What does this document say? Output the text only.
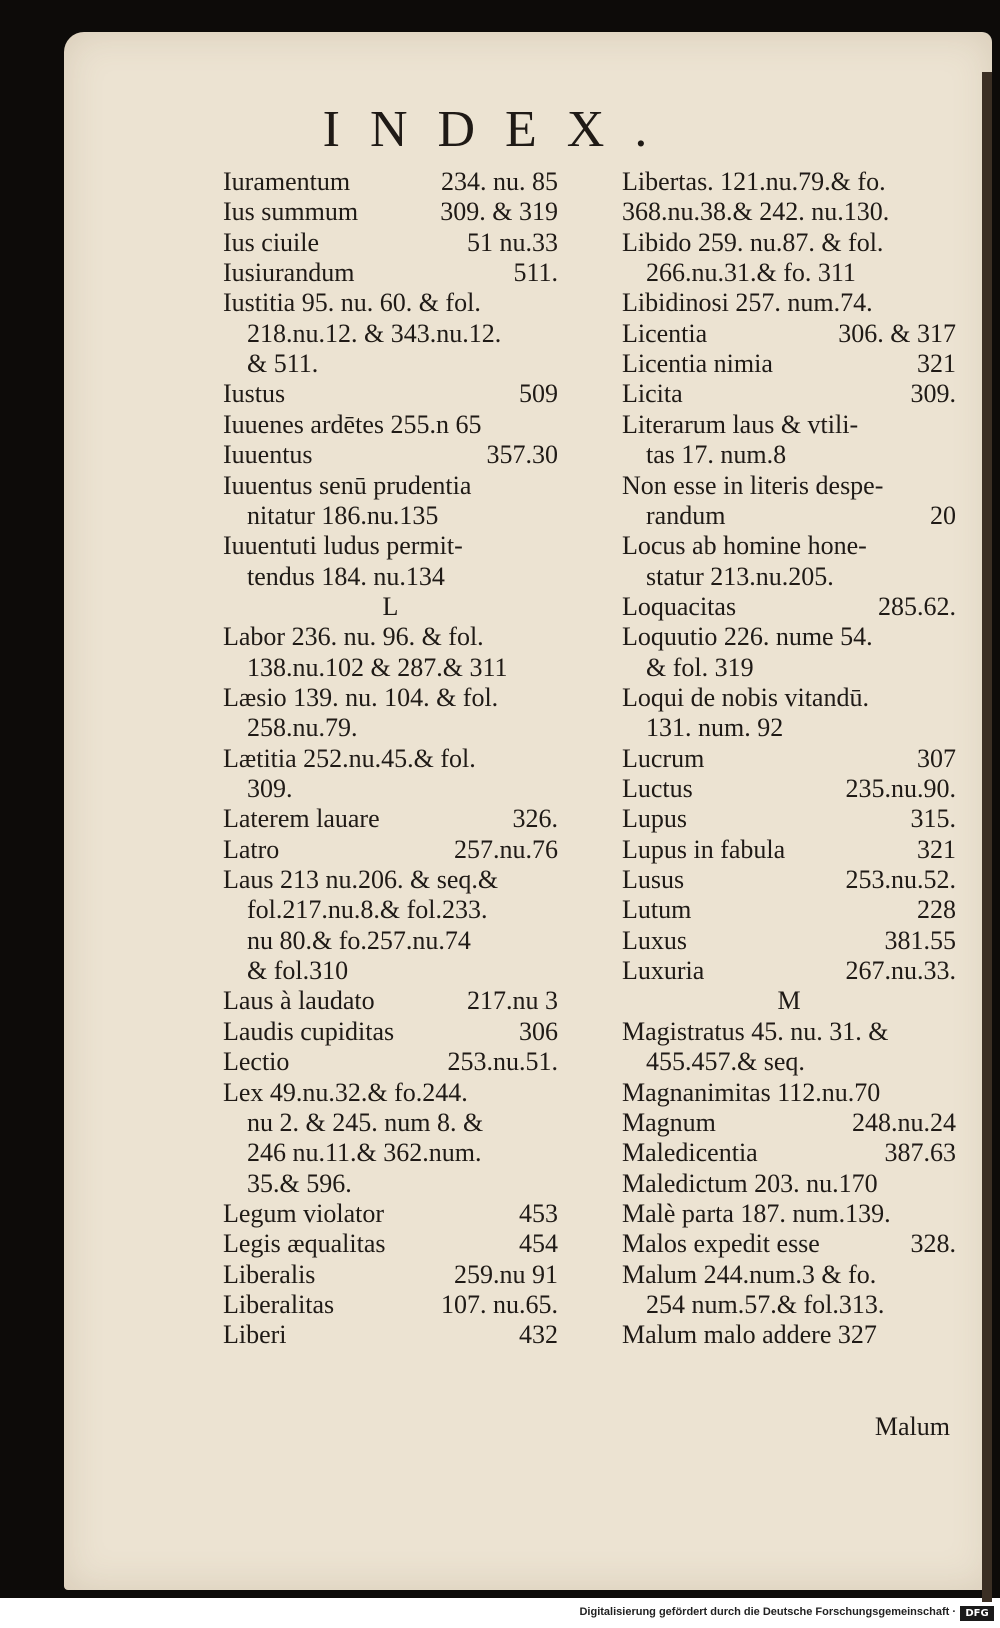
INDEX.
Iuramentum	234. nu. 85
Ius summum	309. & 319
Ius ciuile	51 nu.33
Iusiurandum	511.
Iustitia 95. nu. 60. & fol.
218.nu.12. & 343.nu.12.
& 511.
Iustus	509
Iuuenes ardētes 255.n 65
Iuuentus	357.30
Iuuentus senū prudentia
nitatur 186.nu.135
Iuuentuti ludus permit-
tendus 184. nu.134
L
Labor 236. nu. 96. & fol.
138.nu.102 & 287.& 311
Læsio 139. nu. 104. & fol.
258.nu.79.
Lætitia 252.nu.45.& fol.
309.
Laterem lauare	326.
Latro	257.nu.76
Laus 213 nu.206. & seq.&
fol.217.nu.8.& fol.233.
nu 80.& fo.257.nu.74
& fol.310
Laus à laudato	217.nu 3
Laudis cupiditas	306
Lectio	253.nu.51.
Lex 49.nu.32.& fo.244.
nu 2. & 245. num 8. &
246 nu.11.& 362.num.
35.& 596.
Legum violator	453
Legis æqualitas	454
Liberalis	259.nu 91
Liberalitas	107. nu.65.
Liberi	432
Libertas. 121.nu.79.& fo.
368.nu.38.& 242. nu.130.
Libido 259. nu.87. & fol.
266.nu.31.& fo. 311
Libidinosi 257. num.74.
Licentia	306. & 317
Licentia nimia	321
Licita	309.
Literarum laus & vtili-
tas 17. num.8
Non esse in literis despe-
randum	20
Locus ab homine hone-
statur 213.nu.205.
Loquacitas	285.62.
Loquutio 226. nume 54.
& fol. 319
Loqui de nobis vitandū.
131. num. 92
Lucrum	307
Luctus	235.nu.90.
Lupus	315.
Lupus in fabula	321
Lusus	253.nu.52.
Lutum	228
Luxus	381.55
Luxuria	267.nu.33.
M
Magistratus 45. nu. 31. &
455.457.& seq.
Magnanimitas 112.nu.70
Magnum	248.nu.24
Maledicentia	387.63
Maledictum 203. nu.170
Malè parta 187. num.139.
Malos expedit esse	328.
Malum 244.num.3 & fo.
254 num.57.& fol.313.
Malum malo addere 327
Malum
Digitalisierung gefördert durch die Deutsche Forschungsgemeinschaft · DFG
